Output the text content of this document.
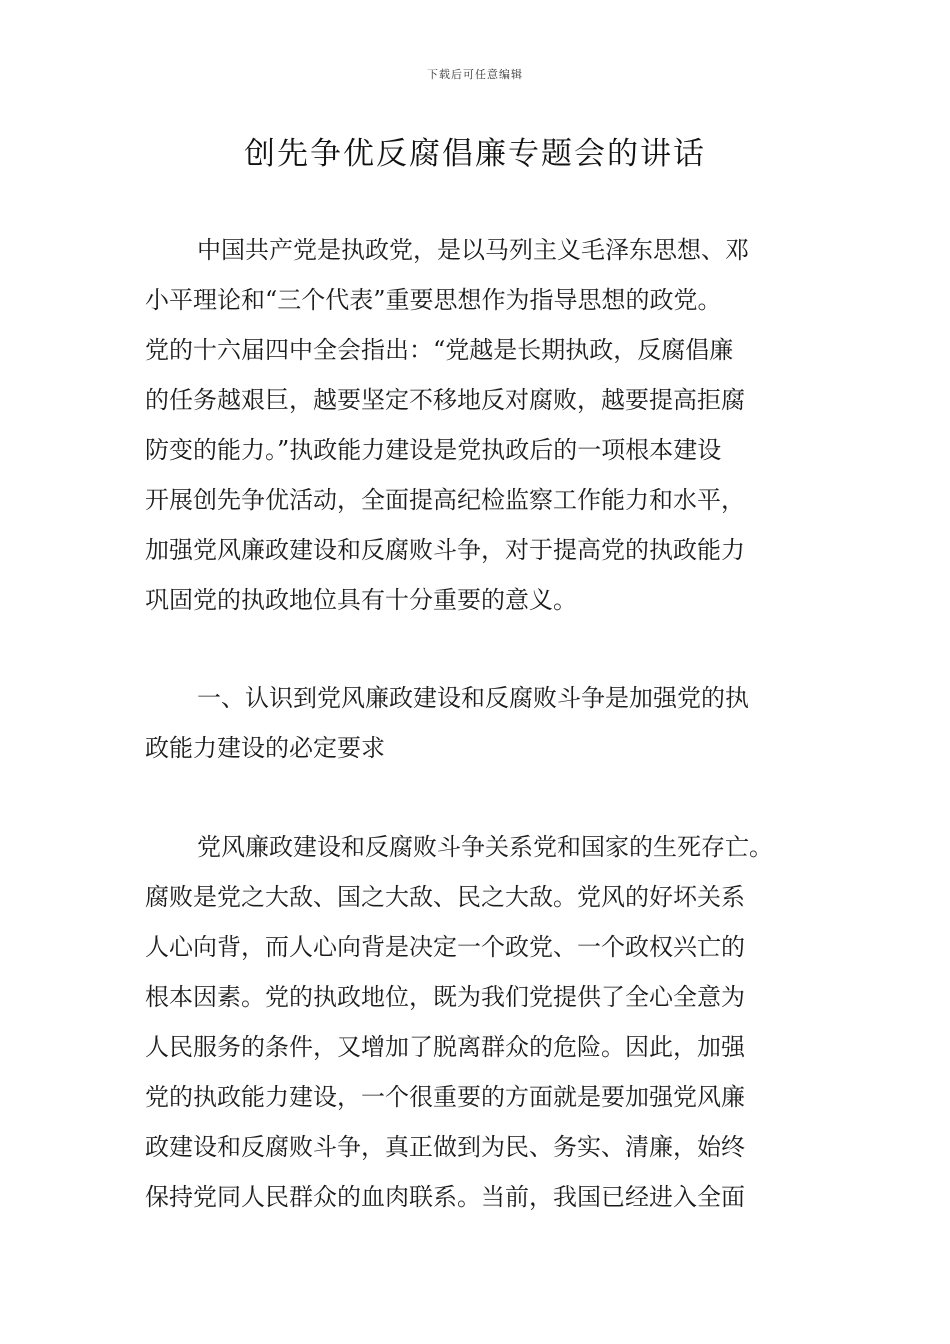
下载后可任意编辑
创先争优反腐倡廉专题会的讲话
中国共产党是执政党，是以马列主义毛泽东思想、邓
小平理论和“三个代表”重要思想作为指导思想的政党。
党的十六届四中全会指出：“党越是长期执政，反腐倡廉
的任务越艰巨，越要坚定不移地反对腐败，越要提高拒腐
防变的能力。”执政能力建设是党执政后的一项根本建设
开展创先争优活动，全面提高纪检监察工作能力和水平，
加强党风廉政建设和反腐败斗争，对于提高党的执政能力
巩固党的执政地位具有十分重要的意义。
一、认识到党风廉政建设和反腐败斗争是加强党的执
政能力建设的必定要求
党风廉政建设和反腐败斗争关系党和国家的生死存亡。
腐败是党之大敌、国之大敌、民之大敌。党风的好坏关系
人心向背，而人心向背是决定一个政党、一个政权兴亡的
根本因素。党的执政地位，既为我们党提供了全心全意为
人民服务的条件，又增加了脱离群众的危险。因此，加强
党的执政能力建设，一个很重要的方面就是要加强党风廉
政建设和反腐败斗争，真正做到为民、务实、清廉，始终
保持党同人民群众的血肉联系。当前，我国已经进入全面
